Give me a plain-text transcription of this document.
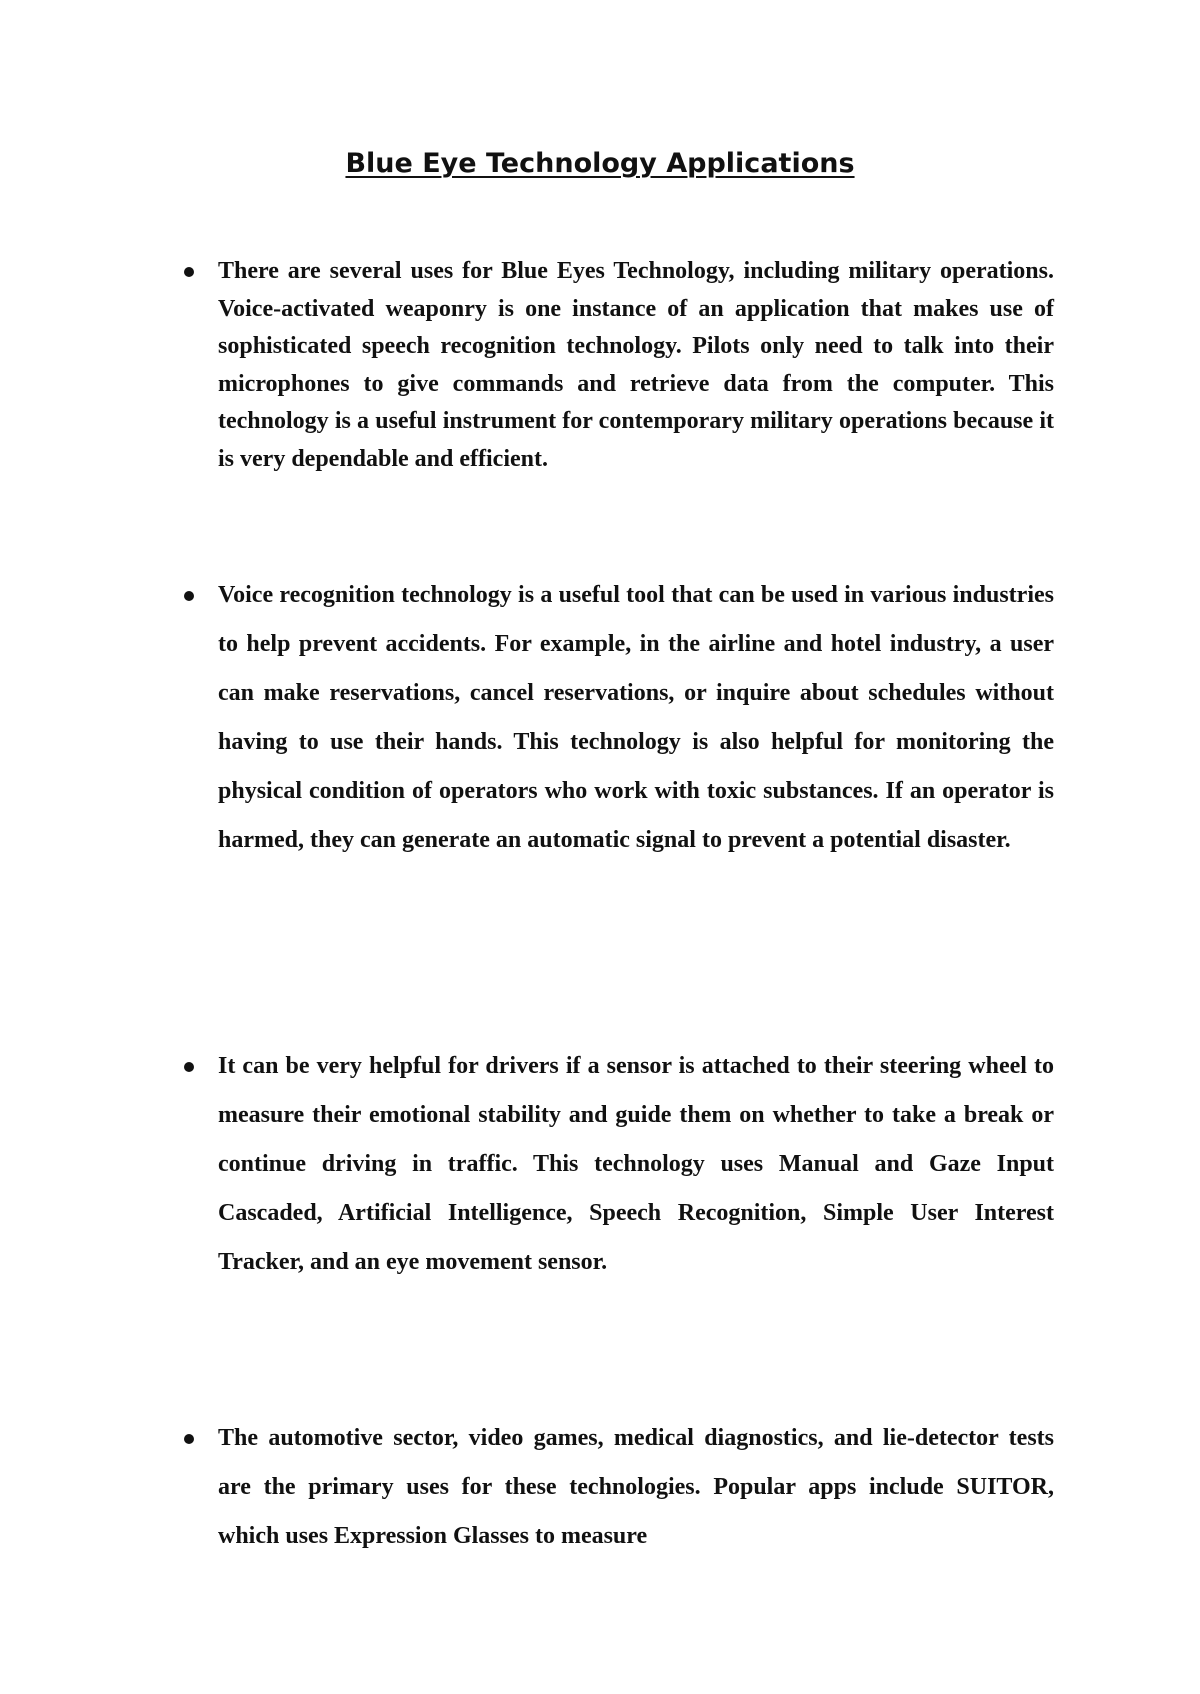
Blue Eye Technology Applications
There are several uses for Blue Eyes Technology, including military operations. Voice-activated weaponry is one instance of an application that makes use of sophisticated speech recognition technology. Pilots only need to talk into their microphones to give commands and retrieve data from the computer. This technology is a useful instrument for contemporary military operations because it is very dependable and efficient.
Voice recognition technology is a useful tool that can be used in various industries to help prevent accidents. For example, in the airline and hotel industry, a user can make reservations, cancel reservations, or inquire about schedules without having to use their hands. This technology is also helpful for monitoring the physical condition of operators who work with toxic substances. If an operator is harmed, they can generate an automatic signal to prevent a potential disaster.
It can be very helpful for drivers if a sensor is attached to their steering wheel to measure their emotional stability and guide them on whether to take a break or continue driving in traffic. This technology uses Manual and Gaze Input Cascaded, Artificial Intelligence, Speech Recognition, Simple User Interest Tracker, and an eye movement sensor.
The automotive sector, video games, medical diagnostics, and lie-detector tests are the primary uses for these technologies. Popular apps include SUITOR, which uses Expression Glasses to measure
